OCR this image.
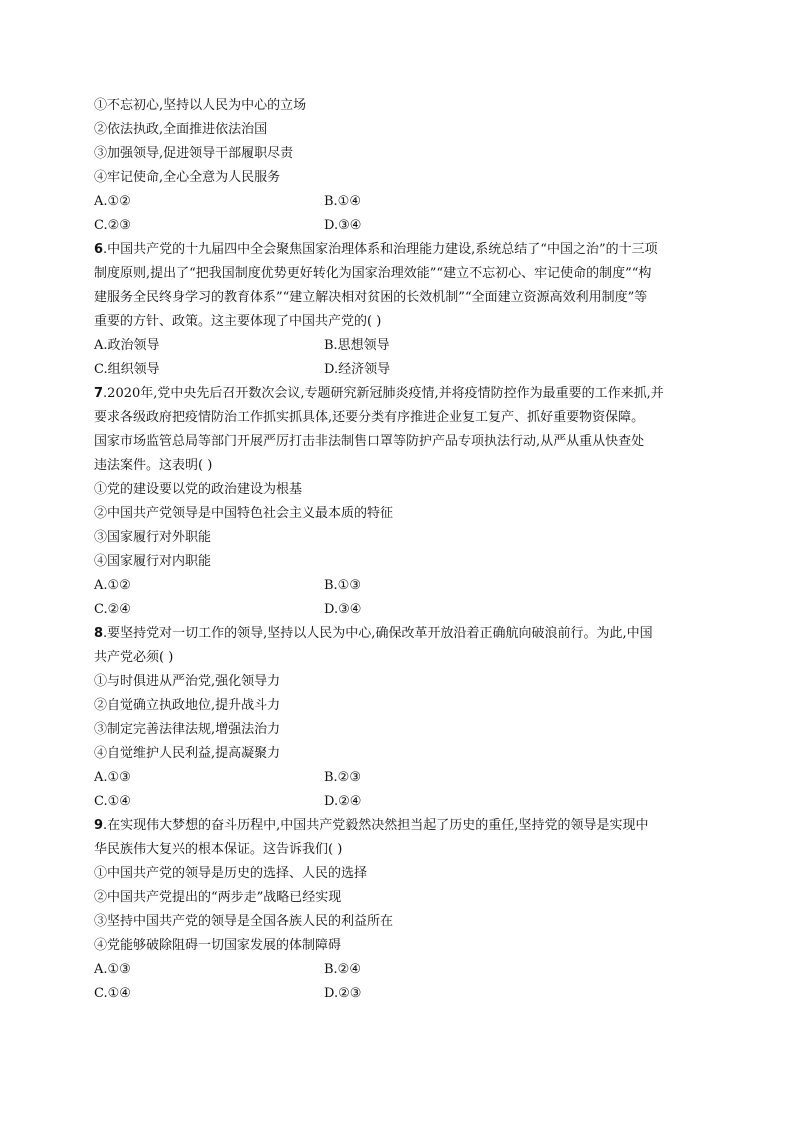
①不忘初心,坚持以人民为中心的立场
②依法执政,全面推进依法治国
③加强领导,促进领导干部履职尽责
④牢记使命,全心全意为人民服务
A.①②	B.①④
C.②③	D.③④
6.中国共产党的十九届四中全会聚焦国家治理体系和治理能力建设,系统总结了“中国之治”的十三项
制度原则,提出了“把我国制度优势更好转化为国家治理效能”“建立不忘初心、牢记使命的制度”“构
建服务全民终身学习的教育体系”“建立解决相对贫困的长效机制”“全面建立资源高效利用制度”等
重要的方针、政策。这主要体现了中国共产党的( )
A.政治领导	B.思想领导
C.组织领导	D.经济领导
7.2020年,党中央先后召开数次会议,专题研究新冠肺炎疫情,并将疫情防控作为最重要的工作来抓,并
要求各级政府把疫情防治工作抓实抓具体,还要分类有序推进企业复工复产、抓好重要物资保障。
国家市场监管总局等部门开展严厉打击非法制售口罩等防护产品专项执法行动,从严从重从快查处
违法案件。这表明( )
①党的建设要以党的政治建设为根基
②中国共产党领导是中国特色社会主义最本质的特征
③国家履行对外职能
④国家履行对内职能
A.①②	B.①③
C.②④	D.③④
8.要坚持党对一切工作的领导,坚持以人民为中心,确保改革开放沿着正确航向破浪前行。为此,中国
共产党必须( )
①与时俱进从严治党,强化领导力
②自觉确立执政地位,提升战斗力
③制定完善法律法规,增强法治力
④自觉维护人民利益,提高凝聚力
A.①③	B.②③
C.①④	D.②④
9.在实现伟大梦想的奋斗历程中,中国共产党毅然决然担当起了历史的重任,坚持党的领导是实现中
华民族伟大复兴的根本保证。这告诉我们( )
①中国共产党的领导是历史的选择、人民的选择
②中国共产党提出的“两步走”战略已经实现
③坚持中国共产党的领导是全国各族人民的利益所在
④党能够破除阻碍一切国家发展的体制障碍
A.①③	B.②④
C.①④	D.②③
